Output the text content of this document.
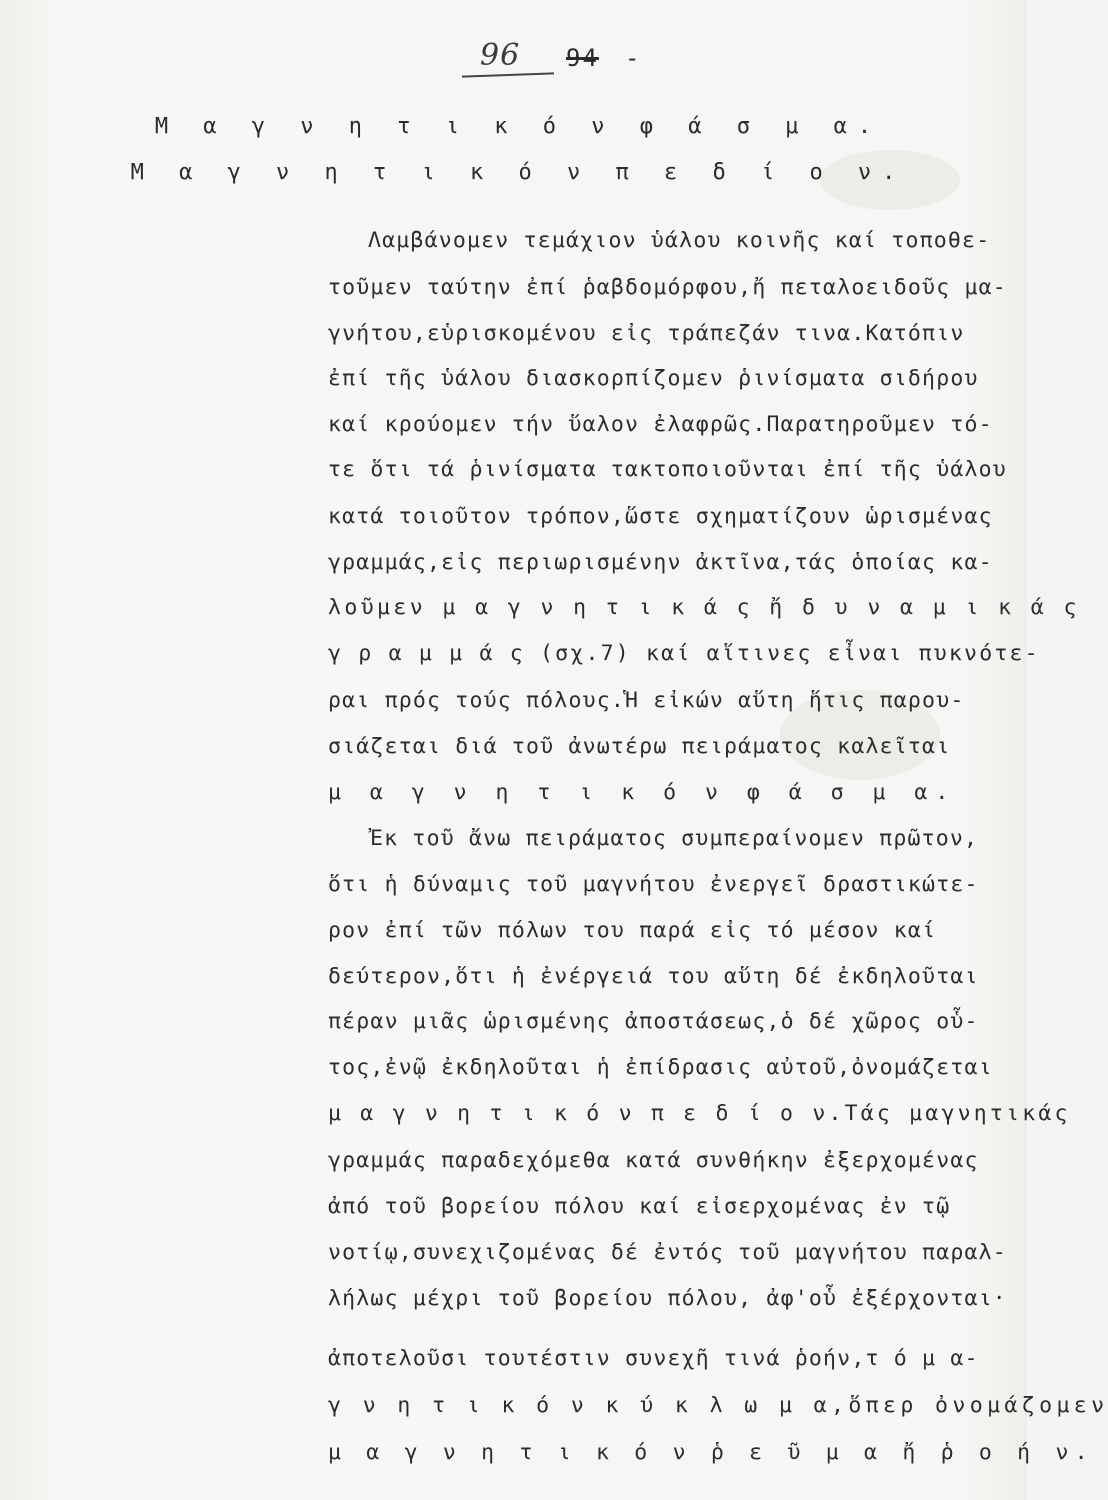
96 94 -
Μ α γ ν η τ ι κ ό ν φ ά σ μ α.
Μ α γ ν η τ ι κ ό ν π ε δ ί ο ν.
Λαμβάνομεν τεμάχιον ὑάλου κοινῆς καί τοποθε-
τοῦμεν ταύτην ἐπί ῥαβδομόρφου,ἤ πεταλοειδοῦς μα-
γνήτου,εὑρισκομένου εἰς τράπεζάν τινα.Κατόπιν
ἐπί τῆς ὑάλου διασκορπίζομεν ῥινίσματα σιδήρου
καί κρούομεν τήν ὕαλον ἐλαφρῶς.Παρατηροῦμεν τό-
τε ὅτι τά ῥινίσματα τακτοποιοῦνται ἐπί τῆς ὑάλου
κατά τοιοῦτον τρόπον,ὥστε σχηματίζουν ὡρισμένας
γραμμάς,εἰς περιωρισμένην ἀκτῖνα,τάς ὁποίας κα-
λοῦμεν μ α γ ν η τ ι κ ά ς ἤ δ υ ν α μ ι κ ά ς
γ ρ α μ μ ά ς (σχ.7) καί αἵτινες εἶναι πυκνότε-
ραι πρός τούς πόλους.Ἡ εἰκών αὕτη ἥτις παρου-
σιάζεται διά τοῦ ἀνωτέρω πειράματος καλεῖται
μ α γ ν η τ ι κ ό ν φ ά σ μ α.
Ἐκ τοῦ ἄνω πειράματος συμπεραίνομεν πρῶτον,
ὅτι ἡ δύναμις τοῦ μαγνήτου ἐνεργεῖ δραστικώτε-
ρον ἐπί τῶν πόλων του παρά εἰς τό μέσον καί
δεύτερον,ὅτι ἡ ἐνέργειά του αὕτη δέ ἐκδηλοῦται
πέραν μιᾶς ὡρισμένης ἀποστάσεως,ὁ δέ χῶρος οὗ-
τος,ἐνῷ ἐκδηλοῦται ἡ ἐπίδρασις αὐτοῦ,ὀνομάζεται
μ α γ ν η τ ι κ ό ν π ε δ ί ο ν.Τάς μαγνητικάς
γραμμάς παραδεχόμεθα κατά συνθήκην ἐξερχομένας
ἀπό τοῦ βορείου πόλου καί εἰσερχομένας ἐν τῷ
νοτίῳ,συνεχιζομένας δέ ἐντός τοῦ μαγνήτου παραλ-
λήλως μέχρι τοῦ βορείου πόλου, ἀφ'οὗ ἐξέρχονται·
ἀποτελοῦσι τουτέστιν συνεχῆ τινά ῥοήν,τ ό μ α-
γ ν η τ ι κ ό ν κ ύ κ λ ω μ α,ὅπερ ὀνομάζομεν
μ α γ ν η τ ι κ ό ν ῥ ε ῦ μ α ἤ ῥ ο ή ν.
